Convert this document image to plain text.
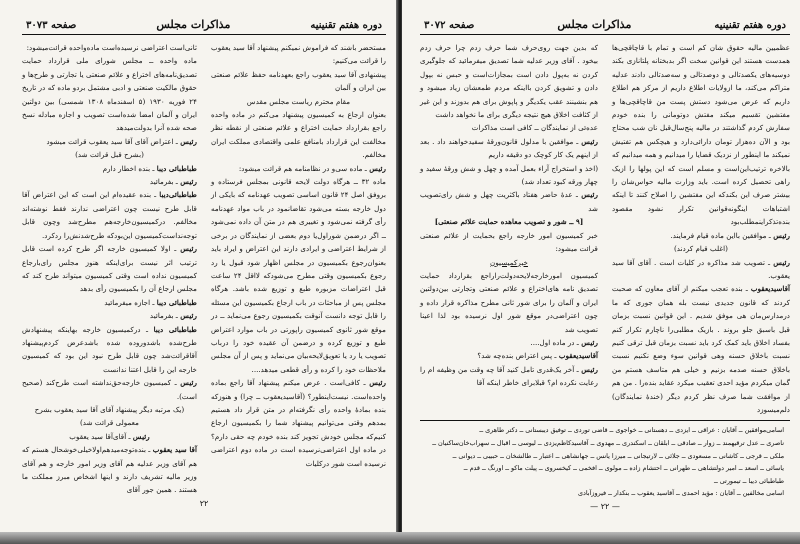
دوره هفتم تقنینیه
مذاکرات مجلس
صفحه ۳۰۷۳

مستحضر باشند که فراموش نمیکنم پیشنهاد آقا سید یعقوب را قرائت می‌کنیم:

پیشنهادی آقا سید یعقوب راجع بعهدنامه حفظ علائم صنعتی بین ایران و آلمان

مقام محترم ریاست مجلس مقدس

بعنوان ارجاع به کمیسیون پیشنهاد می‌کنم در ماده واحده راجع بقرارداد حمایت اختراع و علائم صنعتی از نقطه نظر مخالفت این قرارداد بامنافع علمی واقتصادی مملکت ایران مخالفم.

رئیس ـ ماده سی‌و در نظامنامه هم قرائت میشود:

ماده ۳۲ ــ هرگاه دولت لایحه قانونی بمجلس فرستاده و بروفق اصل ۲۴ قانون اساسی تصویب عهدنامه که بایکی از دول خارجه بسته می‌شود تقاضانمود در باب مواد عهدنامه رأی گرفته نمی‌شود و تغییری هم در متن آن داده نمی‌شود ــ اگر درضمن شوراول‌یا دوم بعضی از نمایندگان در برخی از شرایط اعتراضی و ایرادی دارند این اعتراض و ایراد باید بعنوان‌رجوع بکمیسیون در مجلس اظهار شود قبول یا رد رجوع بکمیسیون وقتی مطرح می‌شودکه لااقل ۲۴ ساعت قبل اعتراضات مزبوره طبع و توزیع شده باشد. هرگاه مجلس پس از مباحثات در باب ارجاع بکمیسیون این مسئله را قابل توجه دانست آنوقت بکمیسیون رجوع می‌نماید ــ در موقع شور ثانوی کمیسیون راپورتی در باب موارد اعتراض طبع و توزیع کرده و درضمن آن عقیده خود را درباب تصویب یا رد یا تعویق‌لایحه‌بیان می‌نماید و پس از آن مجلس ملاحظات خود را کرده و رأی قطعی میدهد....

رئیس ـ کافی‌است . عرض میکنم پیشنهاد آقا راجع بماده واحده‌است. نیست‌اینطور؟ (آقاسیدیعقوب ــ چرا) و هنوزکه بنده بمادهٔ واحده رأی نگرفته‌ام در متن قرار داد هستیم بمدهم وقتی می‌توانیم پیشنهاد شما را بکمیسیون ارجاع کنیم‌که مجلس خودش تجویز کند بنده خودم چه حقی دارم؟ در ماده اول اعتراضی‌نرسیده است در ماده دوم اعتراضی نرسیده است شور درکلیات

ثانی‌است اعتراضی نرسیده‌است ماده‌واحده قرائت‌میشود:

ماده واحده ــ مجلس شورای ملی قرارداد حمایت تصدیق‌نامه‌های اختراع و علائم صنعتی یا تجارتی و طرح‌ها و حقوق مالکیت صنعتی و ادبی مشتمل بردو ماده که در تاریخ ۲۴ فوریه ۱۹۳۰ (۵ اسفندماه ۱۳۰۸ شمسی) بین دولتین ایران و آلمان امضا شده‌است تصویب و اجازه مبادله نسخ صحه شده آنرا بدولت‌میدهد

رئیس ـ اعتراض آقای آقا سید یعقوب قرائت میشود

(بشرح قبل قرائت شد)

طباطبائی دیبا ـ بنده اخطار دارم

رئیس ـ بفرمائید

طباطبائی‌دیبا ـ بنده عقیده‌ام این است که این اعتراض آقا قابل طرح نیست چون اعتراضی ندارند فقط نوشته‌اند مخالفم. درکمیسیون‌خارجه‌هم مطرح‌شد وچون قابل توجه‌نداست‌کمیسیون این‌بودکه طرح‌شدنش‌را ردکرد.

رئیس ـ اولا کمیسیون خارجه اگر طرح کرده است قابل ترتیب اثر نیست برای‌اینکه هنوز مجلس رای‌بارجاع کمیسیون نداده است وقتی کمیسیون میتواند طرح کند که مجلس ارجاع آن را بکمیسیون رأی بدهد

طباطبائی دیبا ـ اجازه میفرمائید

رئیس ـ بفرمائید

طباطبائی دیبا ـ درکمیسیون خارجه بهاینکه پیشنهادش طرح‌شده باشدوروده شده باشدعرض کردم‌پیشنهاد آقاقرائت‌شد چون قابل طرح نبود این بود که کمیسیون خارجه این را قابل اعتنا ندانست

رئیس ـ کمیسیون خارجه‌حق‌نداشته است طرح‌کند (صحیح است).

(یک مرتبه دیگر پیشنهاد آقای آقا سید یعقوب بشرح معمولی قرائت شد)

رئیس ـ آقای‌آقا سید یعقوب

آقا سید یعقوب ـ بنده‌توجه‌میدهم‌اولاخیلی‌خوشحال هستم که هم آقای وزیر عدلیه هم آقای وزیر امور خارجه و هم آقای وزیر مالیه تشریف دارند و اینها اشخاص مبرز مملکت ما هستند . همین جور آقای

۲۲
دوره هفتم تقنینیه
مذاکرات مجلس
صفحه ۳۰۷۲

عظمیین مالیه حقوق شان کم است و تمام با قاچاقچی‌ها همدست هستند این قوانین سخت اگر بدبختانه پلتانازی بکند دوسیه‌های یکصدتالی و دوصدتالی و سه‌صدتالی دادند عدلیه متراکم می‌کند، ما ازولایات اطلاع داریم از مرکز هم اطلاع داریم که عرض می‌شود دستش پست من قاچاقچی‌ها و مفتشین تقسیم میکند مفتش دوتومانی را بنده خودم سفارش کردم گذاشتند در مالیه پنج‌سال‌قبل نان شب محتاج بود و الآن ده‌هزار تومان دارائی‌دارد و هیچکس هم تفتیش نمیکند ما اینطور از نزدیک قضایا را میدانیم و همه میدانیم که بالاخره ترتیب‌این‌است و مسلم است که این پولها را ازیک راهی تحصیل کرده است. باید وزارت مالیه حواس‌شان را بیشتر صرف این بکند‌که این مفتشین را اصلاح کنند تا اینکه اشتباهات اینگونه‌قوانین تکرار نشود مقصود بنده‌تذکراینمطلب‌بود

رئیس ـ موافقین بااین ماده قیام فرمایند.

(اغلب قیام کردند)

رئیس ـ تصویب شد مذاکره در کلیات است . آقای آقا سید یعقوب.

آقاسیدیعقوب ـ بنده‌ تعجب میکنم از آقای معاون که صحبت کردند که قانون جدیدی نیست بله همان جوری که ما درمدارس‌مان هی موفق شدیم . این قوانین نسبت بزمان قبل باسبق جلو بروند . بازیک مطلبی‌را ناچارم تکرار کنم بفساد اخلاق باید کمک کرد باید نسبت بزمان قبل ترقی کنیم نسبت باخلاق حسنه وهی قوانین سوء وضع نکنیم نسبت باخلاق حسنه صدمه بزنیم و خیلی هم متاسف هستم من گمان میکردم مؤید احدی تعقیب میکرد عقاید بنده‌را . من هم از موافقت شما صرف نظر کردم دیگر (خندهٔ نمایندگان) دلم‌میسوزد

که بدین جهت روی‌حرف شما حرف زدم چرا حرف زدم بیخود . آقای وزیر عدلیه شما تصدیق میفرمائید که جلوگیری کردن نه به‌پول دادن است بمجازات‌است و حبس نه بپول دادن و تشویق کردن بااینکه مردم طمعشان زیاد میشود و هم بنشینند عقب یکدیگر و پاپوش برای هم بدوزند و این غیر از کثافت اخلاق هیچ نتیجه دیگری برای ما نخواهد داشت

عده‌ئی از نمایندگان ــ کافی است مذاکرات

رئیس ـ موافقین با مدلول قانون‌ورقهٔ سفید‌خواهند داد . بعد از اینهم یک کار کوچک دو دقیقه داریم

(اخذ و استخراج آراء بعمل آمده و چهل و شش ورقهٔ سفید و چهار ورقه کبود تعداد شد)

رئیس ـ عدهٔ حاضر هفتاد باکثریت چهل و شش رای‌تصویب شد

[۹ ــ شور و تصویب معاهده حمایت علائم صنعتی]

خبر کمیسیون امور خارجه راجع بحمایت از علائم صنعتی قرائت میشود:

خبرکمیسیون

کمیسیون امورخارجه‌لایحه‌دولت‌راراجع بقرارداد حمایت تصدیق نامه های‌اختراع و علائم صنعتی وتجارتی بین‌دولتین ایران و آلمان را برای شور ثانی مطرح مذاکره قرار داده و چون اعتراضی‌در موقع شور اول نرسیده بود لذا اعینا تصویب شد

رئیس ـ در ماده اول....

آقاسیدیعقوب ـ پس اعتراض بنده‌چه شد؟

رئیس ـ آخر یک‌قدری تامل کنید آقا چه وقت من وظیفه ام را رعایت نکرده ام؟ قبلابرای خاطر اینکه آقا

اسامی‌موافقین ــ آقایان : عراقی ــ ایزدی ــ دهستانی ــ خواجوی ــ قاضی توردی ــ توفیق دیبستانی ــ دکتر طاهری ــ
ناصری ــ عدل ترقیهمند ــ زوار ــ صادقی ــ ابلقان ــ اسکندری ــ مهدوی ــ آقاسیدکاظم‌یزدی ــ لیوسی ــ اقبال ــ سهراب‌خان‌ساکنیان ــ
ملکی ــ قرجی ــ کاشانی ــ مسعودی ــ جلائی ــ لارتیجانی ــ میرزا یانس ــ جهانشاهی ــ اعتبار ــ طالشخان ــ حبیبی ــ دیوانی ــ
یاسائی ــ اسعد ــ امیر دولتشاهی ــ طهرانی ــ احتشام زاده ــ مولوی ــ افخمی ــ کیخسروی ــ پیلت ماکو ــ اورنگ ــ قدم ــ
طباطبائی دیبا ــ تیمورتی ــ
اسامی مخالفین ــ آقایان : مؤید احمدی ــ آقاسید یعقوب ــ بنکدار ــ فیروزآبادی
— ۲۲ —
